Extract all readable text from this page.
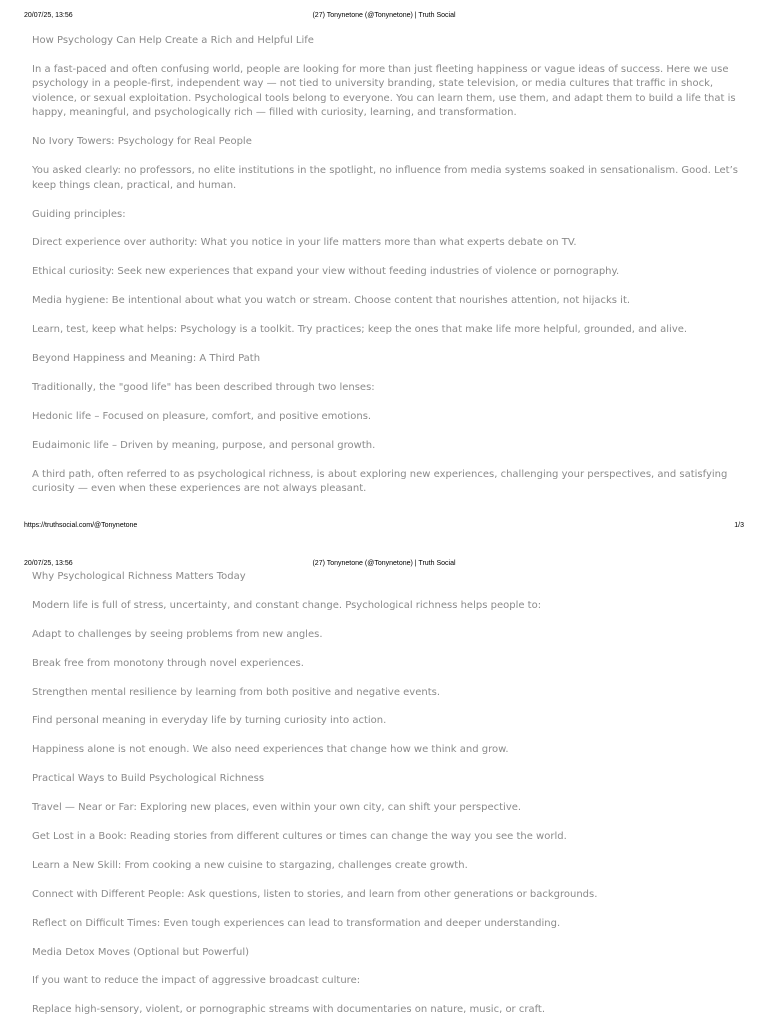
20/07/25, 13:56	(27) Tonynetone (@Tonynetone) | Truth Social

How Psychology Can Help Create a Rich and Helpful Life

In a fast-paced and often confusing world, people are looking for more than just fleeting happiness or vague ideas of success. Here we use psychology in a people-first, independent way — not tied to university branding, state television, or media cultures that traffic in shock, violence, or sexual exploitation. Psychological tools belong to everyone. You can learn them, use them, and adapt them to build a life that is happy, meaningful, and psychologically rich — filled with curiosity, learning, and transformation.

No Ivory Towers: Psychology for Real People

You asked clearly: no professors, no elite institutions in the spotlight, no influence from media systems soaked in sensationalism. Good. Let’s keep things clean, practical, and human.

Guiding principles:

Direct experience over authority: What you notice in your life matters more than what experts debate on TV.

Ethical curiosity: Seek new experiences that expand your view without feeding industries of violence or pornography.

Media hygiene: Be intentional about what you watch or stream. Choose content that nourishes attention, not hijacks it.

Learn, test, keep what helps: Psychology is a toolkit. Try practices; keep the ones that make life more helpful, grounded, and alive.

Beyond Happiness and Meaning: A Third Path

Traditionally, the "good life" has been described through two lenses:

Hedonic life – Focused on pleasure, comfort, and positive emotions.

Eudaimonic life – Driven by meaning, purpose, and personal growth.

A third path, often referred to as psychological richness, is about exploring new experiences, challenging your perspectives, and satisfying curiosity — even when these experiences are not always pleasant.

https://truthsocial.com/@Tonynetone	1/3
20/07/25, 13:56	(27) Tonynetone (@Tonynetone) | Truth Social

Why Psychological Richness Matters Today

Modern life is full of stress, uncertainty, and constant change. Psychological richness helps people to:

Adapt to challenges by seeing problems from new angles.

Break free from monotony through novel experiences.

Strengthen mental resilience by learning from both positive and negative events.

Find personal meaning in everyday life by turning curiosity into action.

Happiness alone is not enough. We also need experiences that change how we think and grow.

Practical Ways to Build Psychological Richness

Travel — Near or Far: Exploring new places, even within your own city, can shift your perspective.

Get Lost in a Book: Reading stories from different cultures or times can change the way you see the world.

Learn a New Skill: From cooking a new cuisine to stargazing, challenges create growth.

Connect with Different People: Ask questions, listen to stories, and learn from other generations or backgrounds.

Reflect on Difficult Times: Even tough experiences can lead to transformation and deeper understanding.

Media Detox Moves (Optional but Powerful)

If you want to reduce the impact of aggressive broadcast culture:

Replace high-sensory, violent, or pornographic streams with documentaries on nature, music, or craft.
